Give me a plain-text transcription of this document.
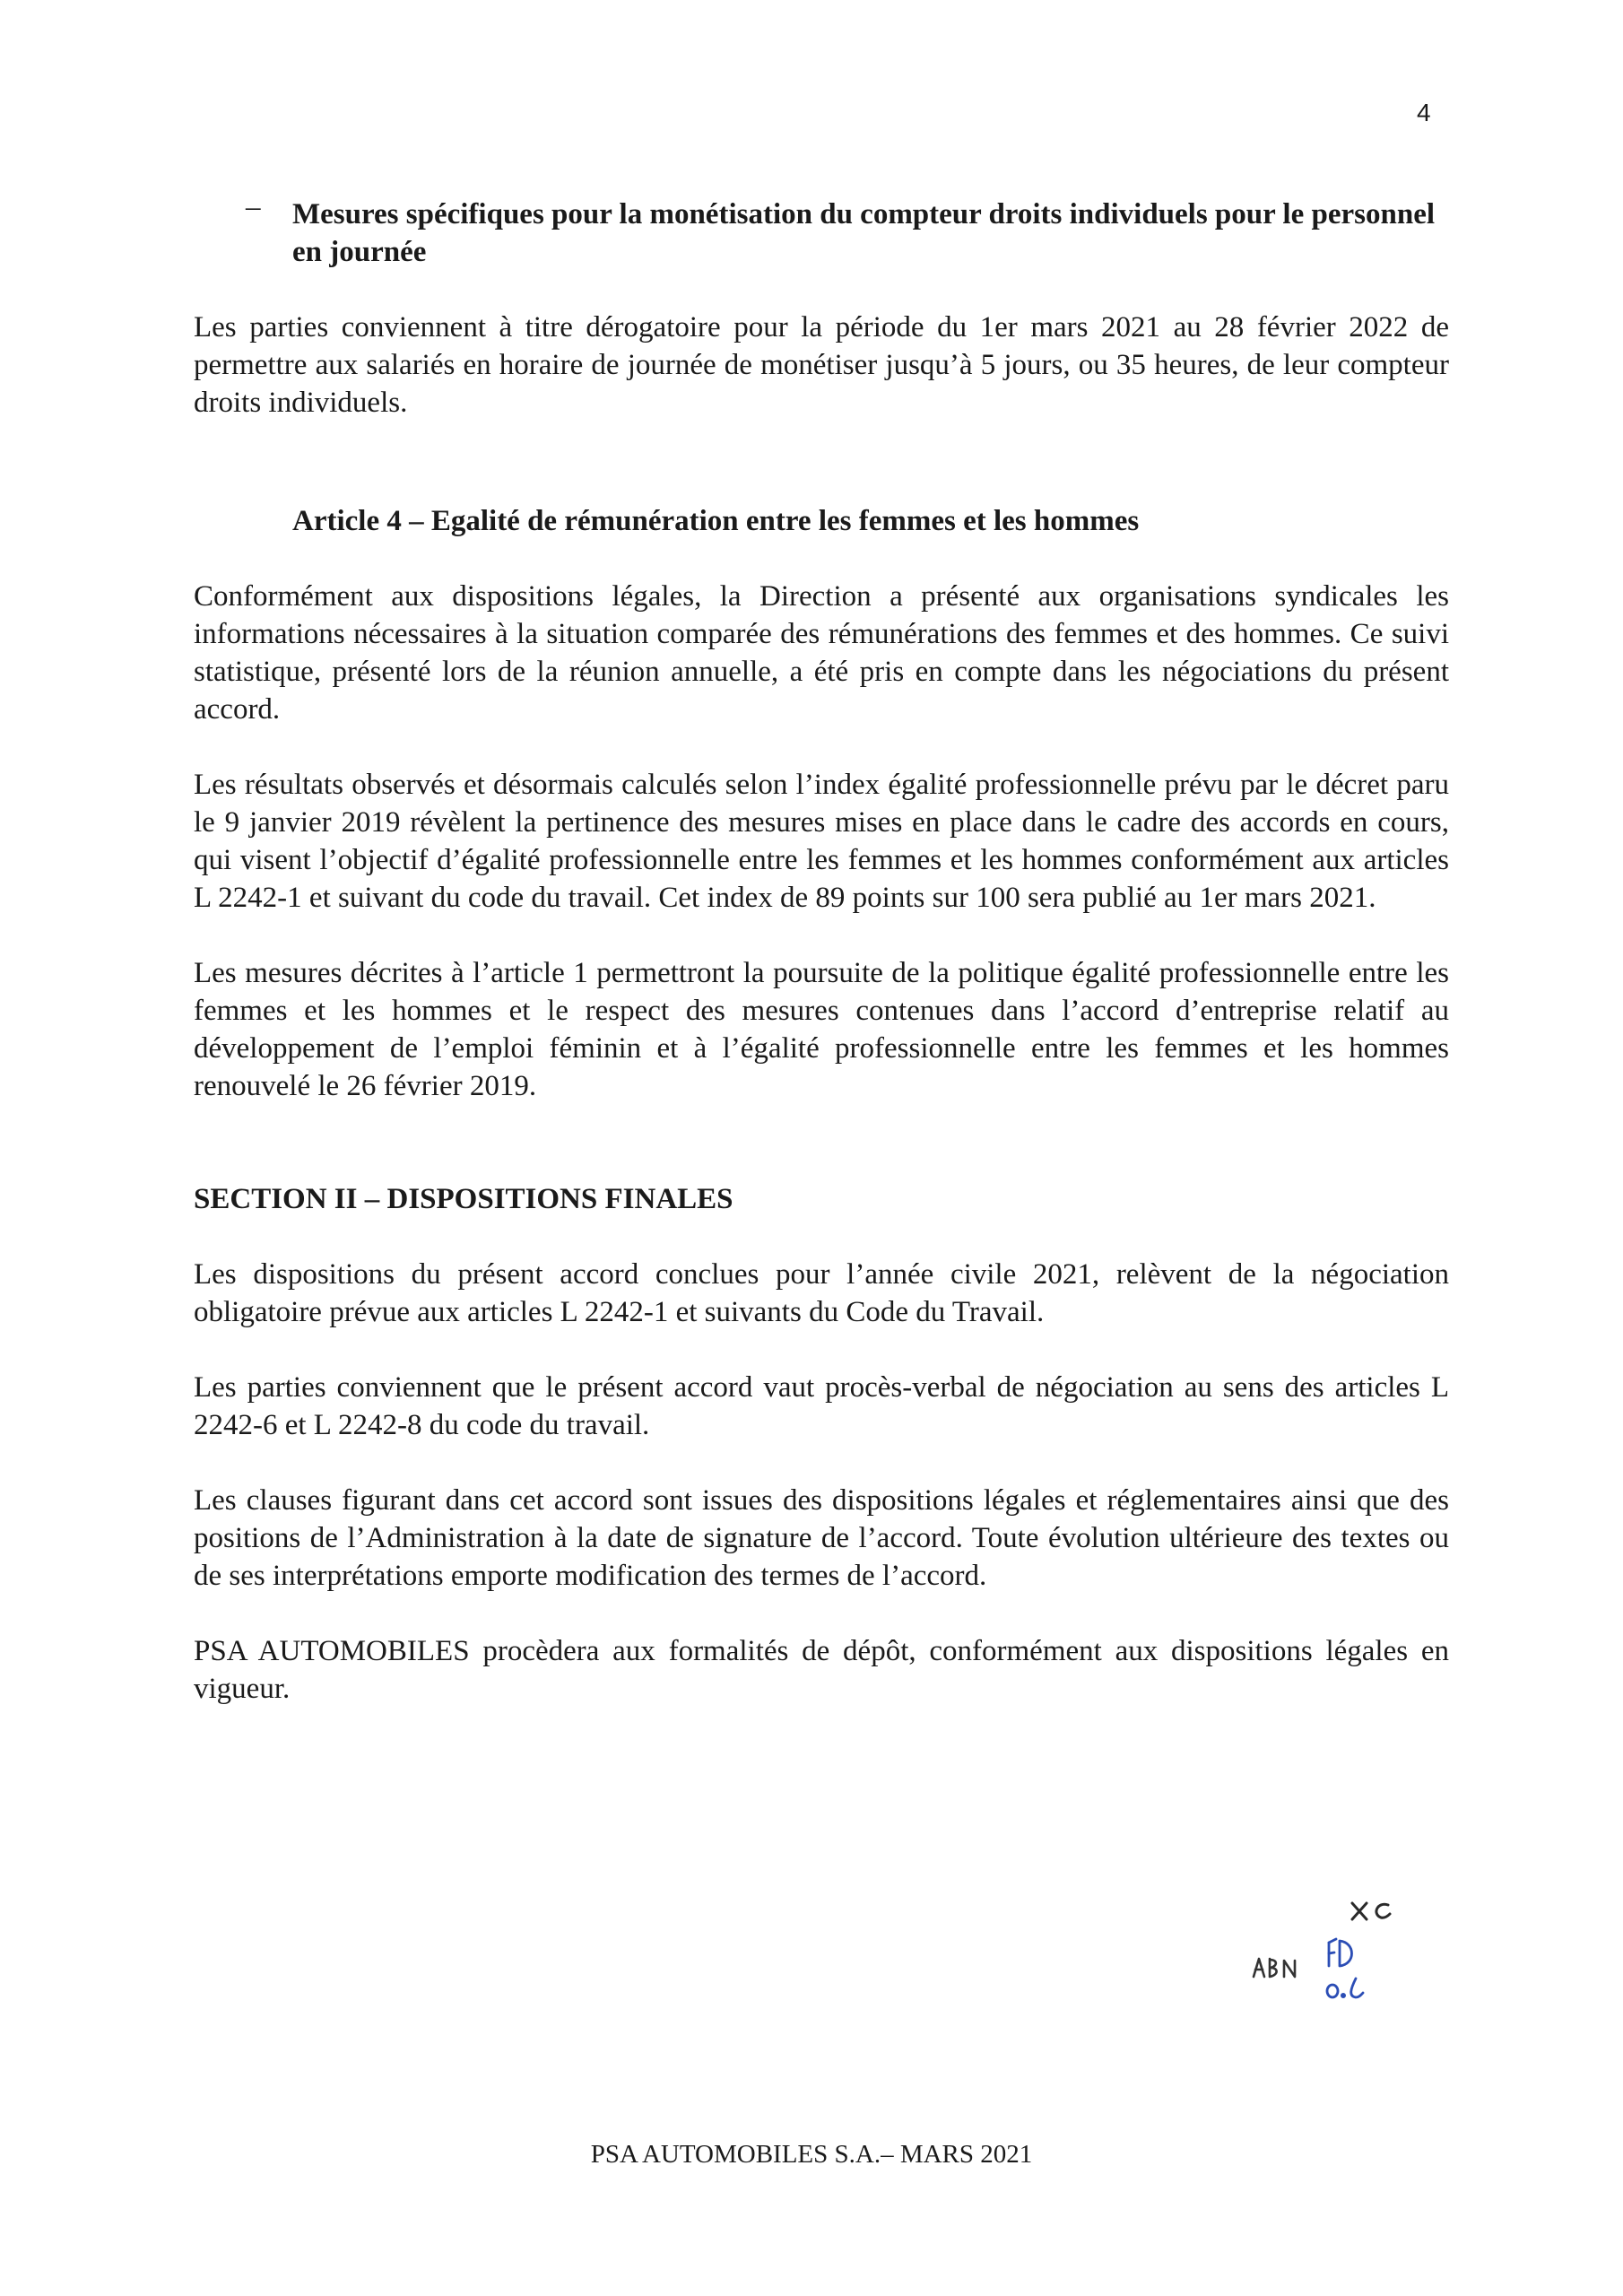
4
– Mesures spécifiques pour la monétisation du compteur droits individuels pour le personnel en journée

Les parties conviennent à titre dérogatoire pour la période du 1er mars 2021 au 28 février 2022 de permettre aux salariés en horaire de journée de monétiser jusqu’à 5 jours, ou 35 heures, de leur compteur droits individuels.

Article 4 – Egalité de rémunération entre les femmes et les hommes

Conformément aux dispositions légales, la Direction a présenté aux organisations syndicales les informations nécessaires à la situation comparée des rémunérations des femmes et des hommes. Ce suivi statistique, présenté lors de la réunion annuelle, a été pris en compte dans les négociations du présent accord.

Les résultats observés et désormais calculés selon l’index égalité professionnelle prévu par le décret paru le 9 janvier 2019 révèlent la pertinence des mesures mises en place dans le cadre des accords en cours, qui visent l’objectif d’égalité professionnelle entre les femmes et les hommes conformément aux articles L 2242-1 et suivant du code du travail. Cet index de 89 points sur 100 sera publié au 1er mars 2021.

Les mesures décrites à l’article 1 permettront la poursuite de la politique égalité professionnelle entre les femmes et les hommes et le respect des mesures contenues dans l’accord d’entreprise relatif au développement de l’emploi féminin et à l’égalité professionnelle entre les femmes et les hommes renouvelé le 26 février 2019.

SECTION II – DISPOSITIONS FINALES

Les dispositions du présent accord conclues pour l’année civile 2021, relèvent de la négociation obligatoire prévue aux articles L 2242-1 et suivants du Code du Travail.

Les parties conviennent que le présent accord vaut procès-verbal de négociation au sens des articles L 2242-6 et L 2242-8 du code du travail.

Les clauses figurant dans cet accord sont issues des dispositions légales et réglementaires ainsi que des positions de l’Administration à la date de signature de l’accord. Toute évolution ultérieure des textes ou de ses interprétations emporte modification des termes de l’accord.

PSA AUTOMOBILES procèdera aux formalités de dépôt, conformément aux dispositions légales en vigueur.

PSA AUTOMOBILES S.A.– MARS 2021
